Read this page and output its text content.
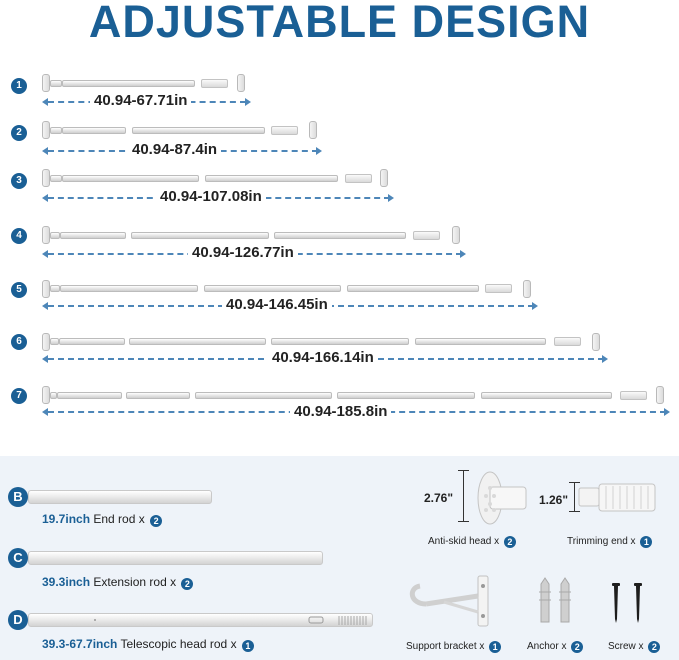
ADJUSTABLE DESIGN
1
40.94-67.71in
2
40.94-87.4in
3
40.94-107.08in
4
40.94-126.77in
5
40.94-146.45in
6
40.94-166.14in
7
40.94-185.8in
B
19.7inch End rod x 2
C
39.3inch Extension rod x 2
D
39.3-67.7inch Telescopic head rod x 1
2.76"
Anti-skid head x 2
1.26"
Trimming end x 1
Support bracket x 1	Anchor x 2	Screw x 2
